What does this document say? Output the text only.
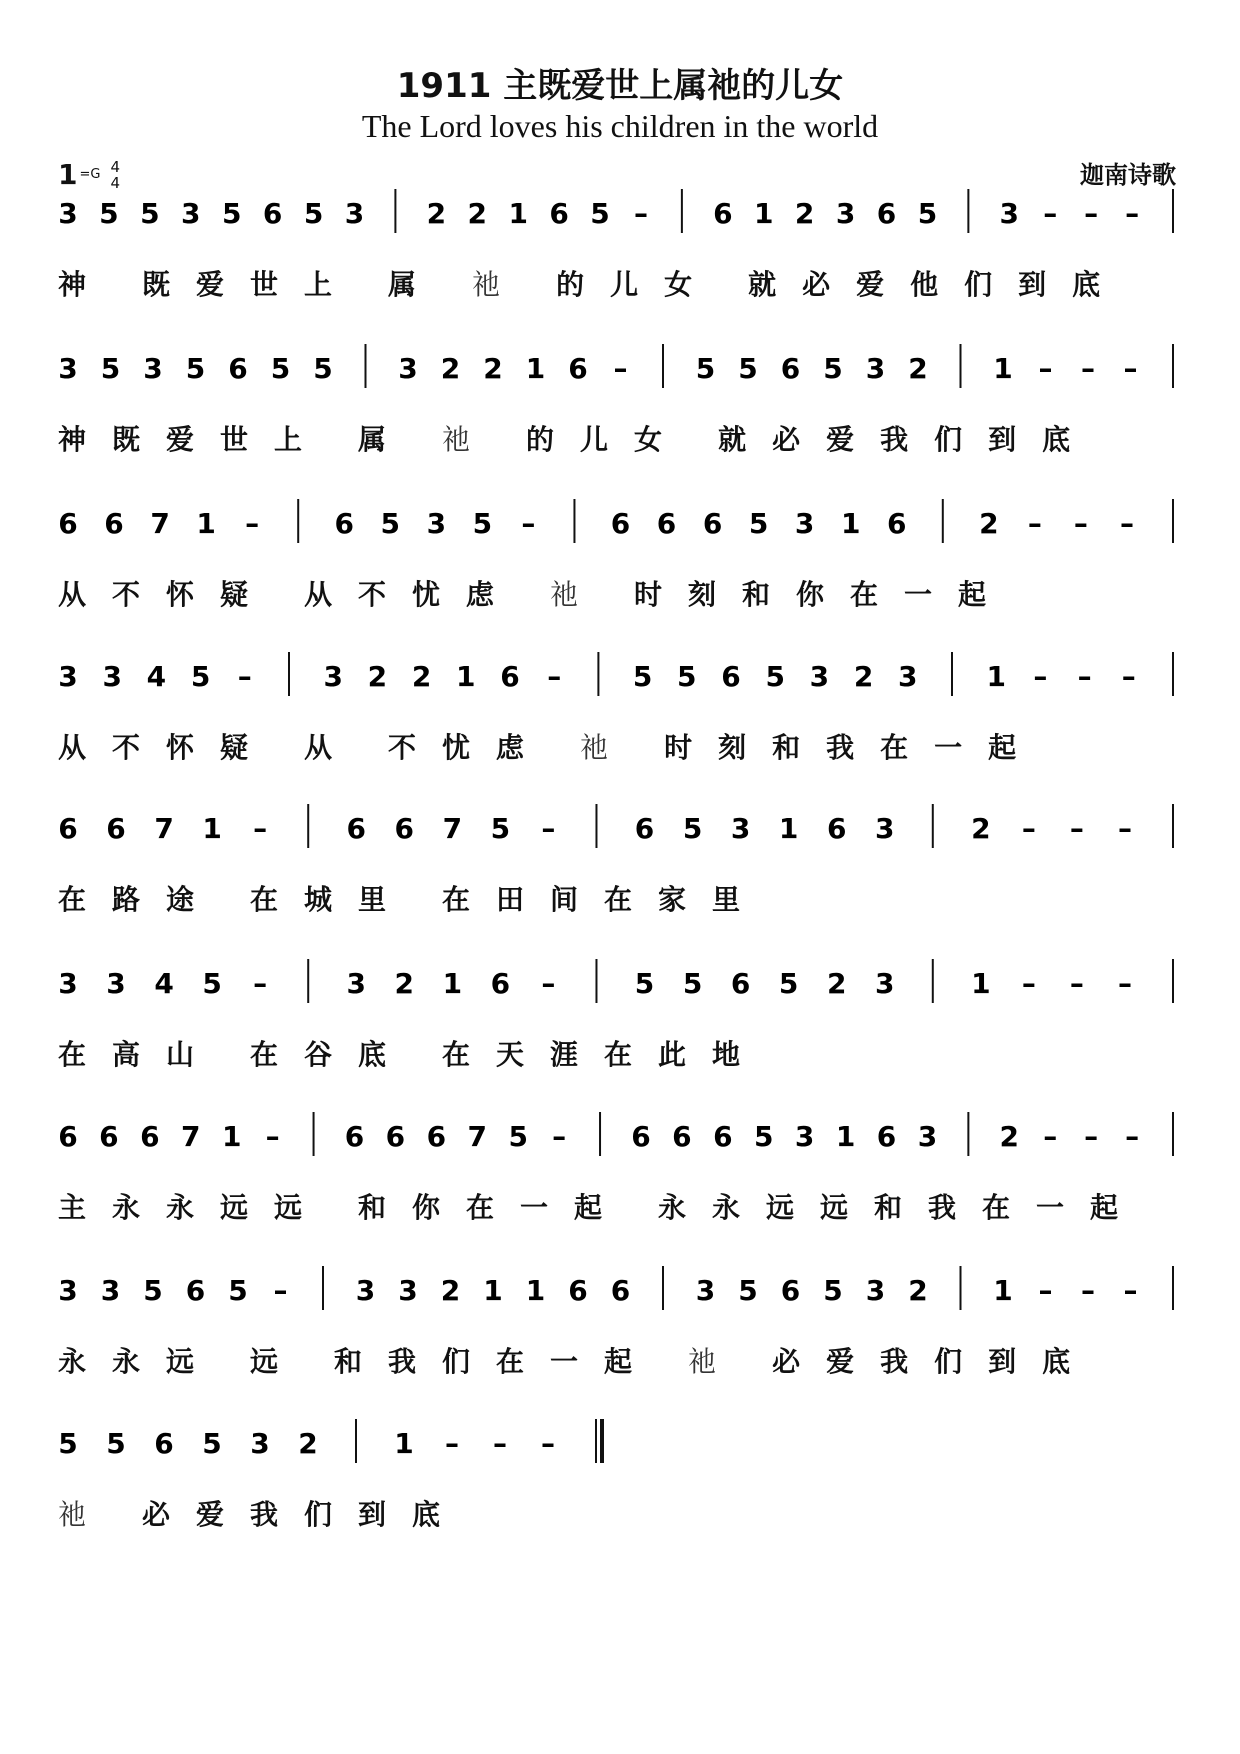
1911 主既爱世上属祂的儿女
The Lord loves his children in the world
1 =G 4
4	迦南诗歌
3 5 5 3 5 6 5 3 2 2 1 6 5 – 6 1 2 3 6 5 3 – – –
神 既爱世上 属 祂 的儿女 就必爱他们到底
3 5 3 5 6 5 5 3 2 2 1 6 – 5 5 6 5 3 2 1 – – –
神既爱世上 属 祂 的儿女 就必爱我们到底
6 6 7 1 –	6 5 3 5 –	6 6 6 5 3 1 6	2 – – –
从不怀疑 从不忧虑 祂 时刻和你在一起
3 3 4 5 –	3 2 2 1 6 –	5 5 6 5 3 2 3 1 – – –
从不怀疑 从 不忧虑 祂 时刻和我在一起
6 6 7 1 –	6 6 7 5 –	6 5 3 1 6 3	2 – – –
在路途 在城里 在田间在家里
3 3 4 5 –	3 2 1 6 –	5 5 6 5 2 3	1 – – –
在高山 在谷底 在天涯在此地
6 6 6 7 1 – 6 6 6 7 5 – 6 6 6 5 3 1 6 3 2 – – –
主永永远远 和你在一起 永永远远和我在一起
3 3 5 6 5 – 3 3 2 1 1 6 6 3 5 6 5 3 2 1 – – –
永永远 远 和我们在一起 祂 必爱我们到底
5 5 6 5 3 2	1 – – –
祂 必爱我们到底
